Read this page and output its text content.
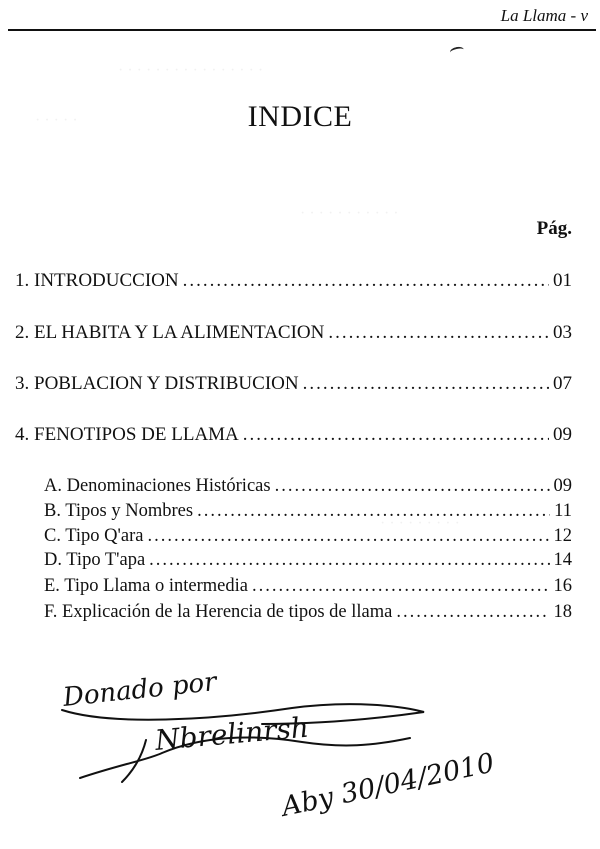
· · · · · · · · · · · · · · · ·
· · · · ·
· · · · · · · · · · ·
· · · · · · · · ·
La Llama - v
INDICE
Pág.
1. INTRODUCCION .....	01
2. EL HABITA Y LA ALIMENTACION .....	03
3. POBLACION Y DISTRIBUCION .....	07
4. FENOTIPOS DE LLAMA .....	09
A. Denominaciones Históricas .....	09
B. Tipos y Nombres .....	11
C. Tipo Q'ara .....	12
D. Tipo T'apa .....	14
E. Tipo Llama o intermedia .....	16
F. Explicación de la Herencia de tipos de llama .....	18
Donado por
Nbrelinrsh
Aby 30/04/2010
